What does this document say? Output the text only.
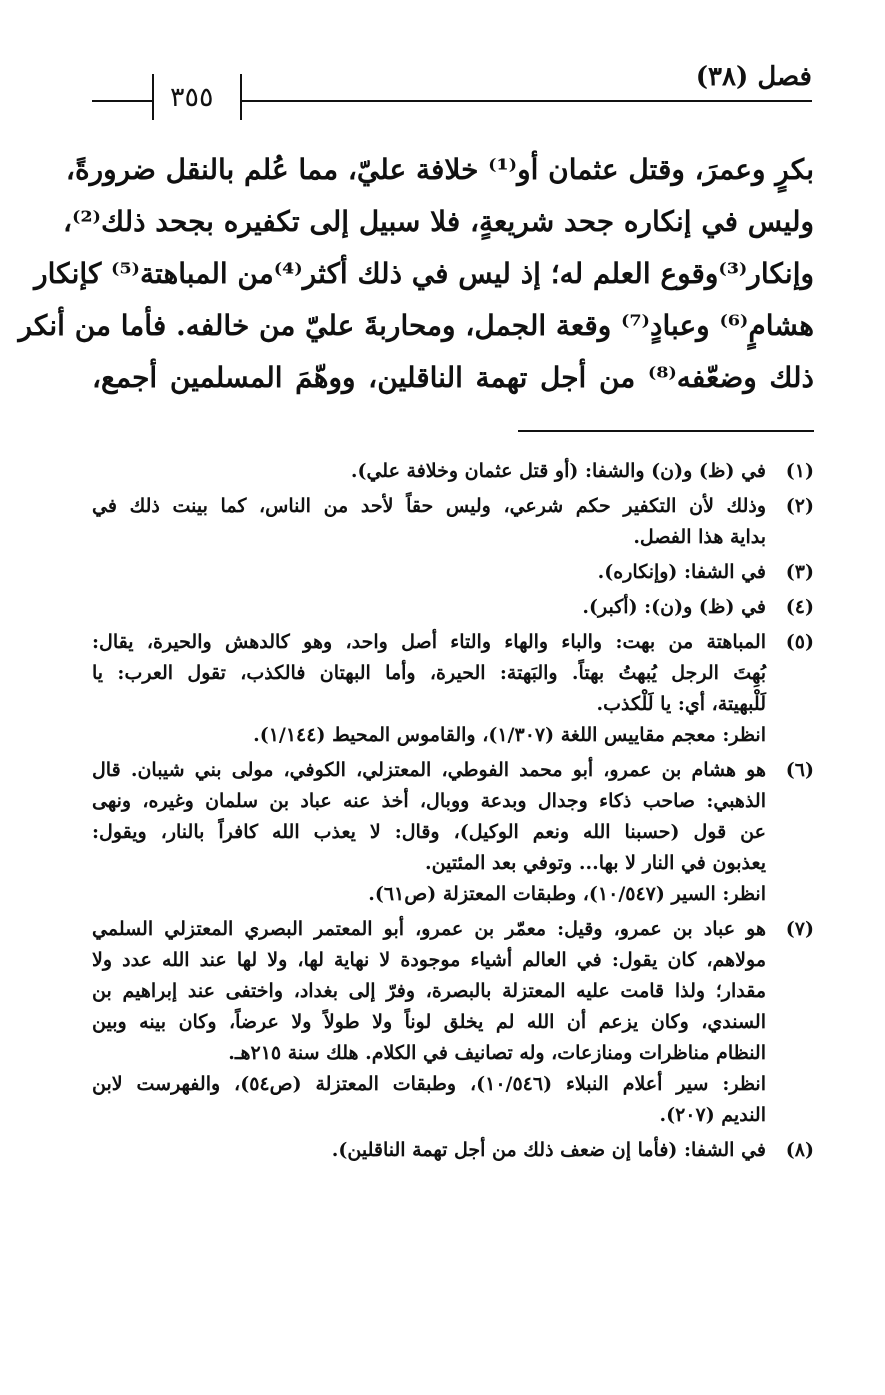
فصل (٣٨)
٣٥٥
بكرٍ وعمرَ، وقتل عثمان أو⁽¹⁾ خلافة عليّ، مما عُلم بالنقل ضرورةً،
وليس في إنكاره جحد شريعةٍ، فلا سبيل إلى تكفيره بجحد ذلك⁽²⁾،
وإنكار⁽³⁾وقوع العلم له؛ إذ ليس في ذلك أكثر⁽⁴⁾من المباهتة⁽⁵⁾ كإنكار
هشامٍ⁽⁶⁾ وعبادٍ⁽⁷⁾ وقعة الجمل، ومحاربةَ عليّ من خالفه. فأما من أنكر
ذلك وضعّفه⁽⁸⁾ من أجل تهمة الناقلين، ووهّمَ المسلمين أجمع،
(١)
في (ظ) و(ن) والشفا: (أو قتل عثمان وخلافة علي).
(٢)
وذلك لأن التكفير حكم شرعي، وليس حقاً لأحد من الناس، كما بينت ذلك في
بداية هذا الفصل.
(٣)
في الشفا: (وإنكاره).
(٤)
في (ظ) و(ن): (أكبر).
(٥)
المباهتة من بهت: والباء والهاء والتاء أصل واحد، وهو كالدهش والحيرة، يقال:
بُهِتَ الرجل يُبهتُ بهتاً. والبَهتة: الحيرة، وأما البهتان فالكذب، تقول العرب: يا
لَلْبهيتة، أي: يا لَلْكذب.
انظر: معجم مقاييس اللغة (١/٣٠٧)، والقاموس المحيط (١/١٤٤).
(٦)
هو هشام بن عمرو، أبو محمد الفوطي، المعتزلي، الكوفي، مولى بني شيبان. قال
الذهبي: صاحب ذكاء وجدال وبدعة ووبال، أخذ عنه عباد بن سلمان وغيره، ونهى
عن قول (حسبنا الله ونعم الوكيل)، وقال: لا يعذب الله كافراً بالنار، ويقول:
يعذبون في النار لا بها... وتوفي بعد المئتين.
انظر: السير (١٠/٥٤٧)، وطبقات المعتزلة (ص٦١).
(٧)
هو عباد بن عمرو، وقيل: معمّر بن عمرو، أبو المعتمر البصري المعتزلي السلمي
مولاهم، كان يقول: في العالم أشياء موجودة لا نهاية لها، ولا لها عند الله عدد ولا
مقدار؛ ولذا قامت عليه المعتزلة بالبصرة، وفرّ إلى بغداد، واختفى عند إبراهيم بن
السندي، وكان يزعم أن الله لم يخلق لوناً ولا طولاً ولا عرضاً، وكان بينه وبين
النظام مناظرات ومنازعات، وله تصانيف في الكلام. هلك سنة ٢١٥هـ.
انظر: سير أعلام النبلاء (١٠/٥٤٦)، وطبقات المعتزلة (ص٥٤)، والفهرست لابن
النديم (٢٠٧).
(٨)
في الشفا: (فأما إن ضعف ذلك من أجل تهمة الناقلين).
